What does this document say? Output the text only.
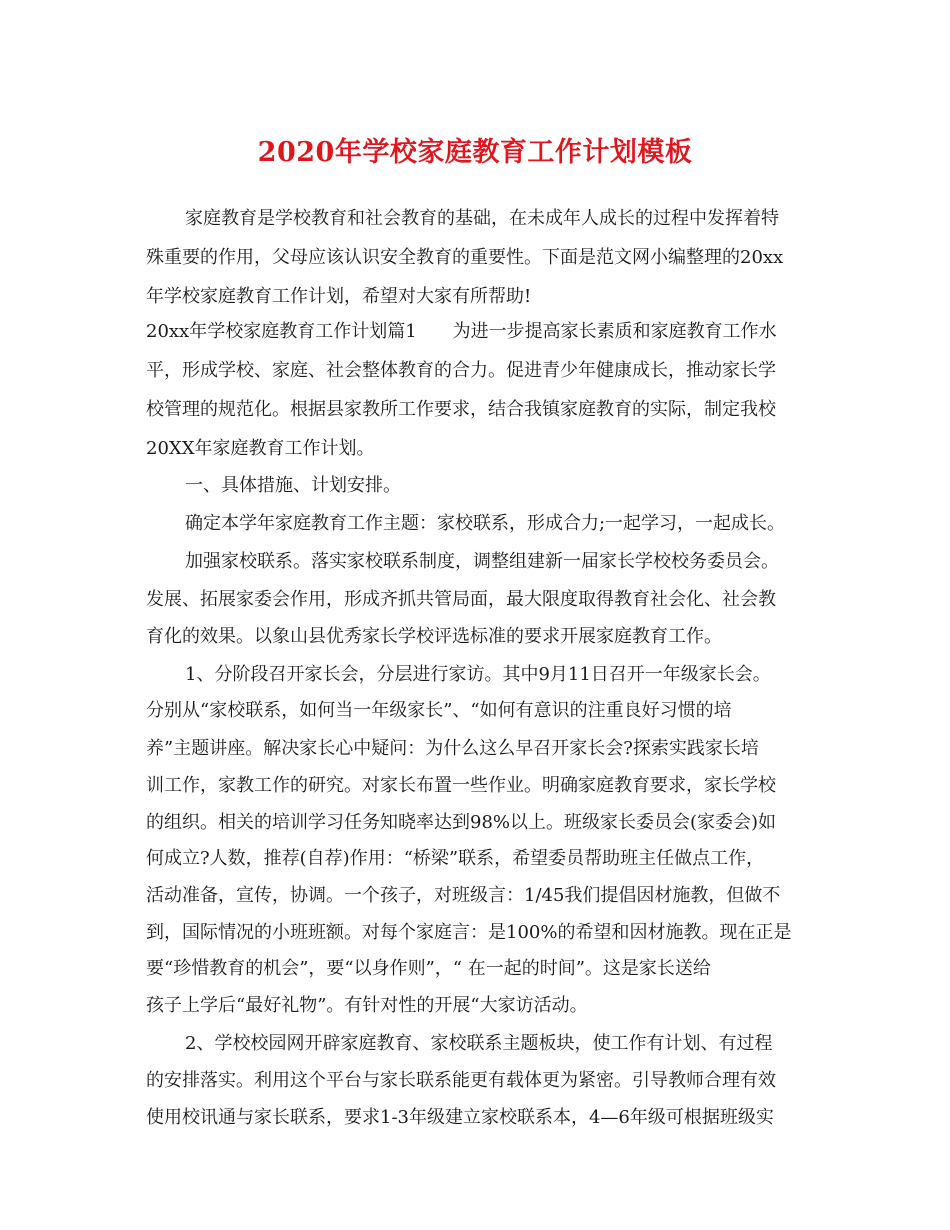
2020年学校家庭教育工作计划模板
家庭教育是学校教育和社会教育的基础，在未成年人成长的过程中发挥着特
殊重要的作用，父母应该认识安全教育的重要性。下面是范文网小编整理的20xx
年学校家庭教育工作计划，希望对大家有所帮助!
20xx年学校家庭教育工作计划篇1　　为进一步提高家长素质和家庭教育工作水
平，形成学校、家庭、社会整体教育的合力。促进青少年健康成长，推动家长学
校管理的规范化。根据县家教所工作要求，结合我镇家庭教育的实际，制定我校
20XX年家庭教育工作计划。
一、具体措施、计划安排。
确定本学年家庭教育工作主题：家校联系，形成合力;一起学习，一起成长。
加强家校联系。落实家校联系制度，调整组建新一届家长学校校务委员会。
发展、拓展家委会作用，形成齐抓共管局面，最大限度取得教育社会化、社会教
育化的效果。以象山县优秀家长学校评选标准的要求开展家庭教育工作。
1、分阶段召开家长会，分层进行家访。其中9月11日召开一年级家长会。
分别从“家校联系，如何当一年级家长”、“如何有意识的注重良好习惯的培
养”主题讲座。解决家长心中疑问：为什么这么早召开家长会?探索实践家长培
训工作，家教工作的研究。对家长布置一些作业。明确家庭教育要求，家长学校
的组织。相关的培训学习任务知晓率达到98%以上。班级家长委员会(家委会)如
何成立?人数，推荐(自荐)作用：“桥梁”联系，希望委员帮助班主任做点工作，
活动准备，宣传，协调。一个孩子，对班级言：1/45我们提倡因材施教，但做不
到，国际情况的小班班额。对每个家庭言：是100%的希望和因材施教。现在正是
要“珍惜教育的机会”，要“以身作则”，“ 在一起的时间”。这是家长送给
孩子上学后“最好礼物”。有针对性的开展“大家访活动。
2、学校校园网开辟家庭教育、家校联系主题板块，使工作有计划、有过程
的安排落实。利用这个平台与家长联系能更有载体更为紧密。引导教师合理有效
使用校讯通与家长联系，要求1-3年级建立家校联系本，4—6年级可根据班级实
